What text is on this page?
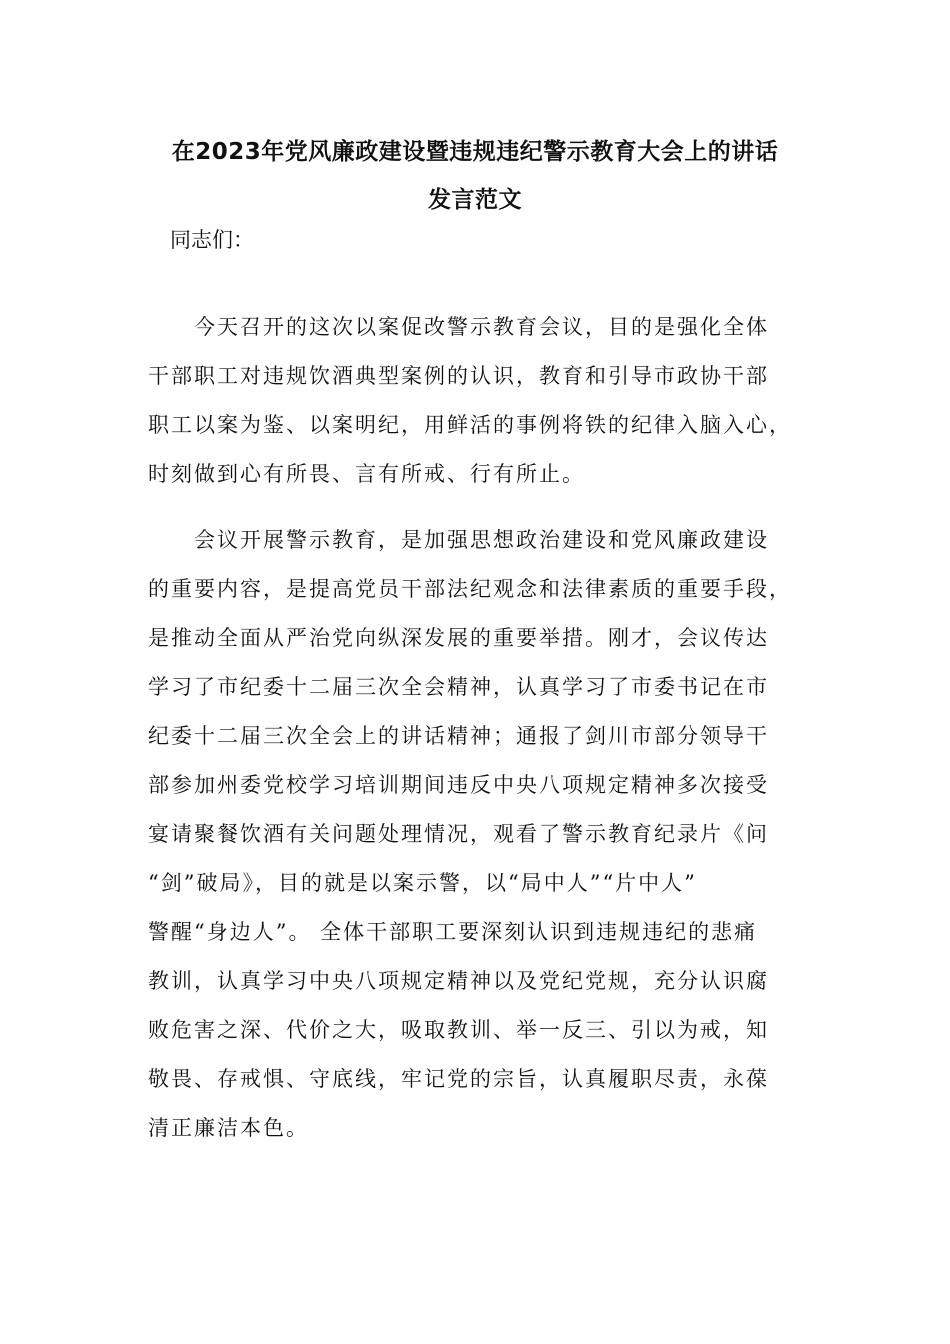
在2023年党风廉政建设暨违规违纪警示教育大会上的讲话
发言范文

同志们：

今天召开的这次以案促改警示教育会议，目的是强化全体
干部职工对违规饮酒典型案例的认识，教育和引导市政协干部
职工以案为鉴、以案明纪，用鲜活的事例将铁的纪律入脑入心，
时刻做到心有所畏、言有所戒、行有所止。

会议开展警示教育，是加强思想政治建设和党风廉政建设
的重要内容，是提高党员干部法纪观念和法律素质的重要手段，
是推动全面从严治党向纵深发展的重要举措。刚才，会议传达
学习了市纪委十二届三次全会精神，认真学习了市委书记在市
纪委十二届三次全会上的讲话精神；通报了剑川市部分领导干
部参加州委党校学习培训期间违反中央八项规定精神多次接受
宴请聚餐饮酒有关问题处理情况，观看了警示教育纪录片《问
“剑”破局》，目的就是以案示警，以“局中人”“片中人”
警醒“身边人”。 全体干部职工要深刻认识到违规违纪的悲痛
教训，认真学习中央八项规定精神以及党纪党规，充分认识腐
败危害之深、代价之大，吸取教训、举一反三、引以为戒，知
敬畏、存戒惧、守底线，牢记党的宗旨，认真履职尽责，永葆
清正廉洁本色。
